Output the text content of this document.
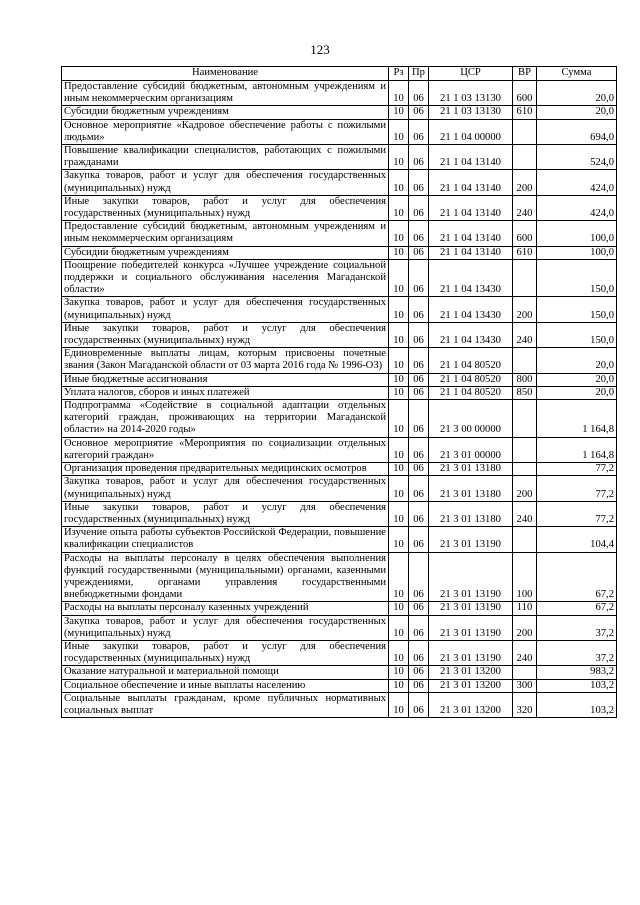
123
Наименование	Рз	Пр	ЦСР	ВР	Сумма
Предоставление субсидий бюджетным, автономным учреждениям и иным некоммерческим организациям	10	06	21 1 03 13130	600	20,0
Субсидии бюджетным учреждениям	10	06	21 1 03 13130	610	20,0
Основное мероприятие «Кадровое обеспечение работы с пожилыми людьми»	10	06	21 1 04 00000		694,0
Повышение квалификации специалистов, работающих с пожилыми гражданами	10	06	21 1 04 13140		524,0
Закупка товаров, работ и услуг для обеспечения государственных (муниципальных) нужд	10	06	21 1 04 13140	200	424,0
Иные закупки товаров, работ и услуг для обеспечения государственных (муниципальных) нужд	10	06	21 1 04 13140	240	424,0
Предоставление субсидий бюджетным, автономным учреждениям и иным некоммерческим организациям	10	06	21 1 04 13140	600	100,0
Субсидии бюджетным учреждениям	10	06	21 1 04 13140	610	100,0
Поощрение победителей конкурса «Лучшее учреждение социальной поддержки и социального обслуживания населения Магаданской области»	10	06	21 1 04 13430		150,0
Закупка товаров, работ и услуг для обеспечения государственных (муниципальных) нужд	10	06	21 1 04 13430	200	150,0
Иные закупки товаров, работ и услуг для обеспечения государственных (муниципальных) нужд	10	06	21 1 04 13430	240	150,0
Единовременные выплаты лицам, которым присвоены почетные звания (Закон Магаданской области от 03 марта 2016 года № 1996-ОЗ)	10	06	21 1 04 80520		20,0
Иные бюджетные ассигнования	10	06	21 1 04 80520	800	20,0
Уплата налогов, сборов и иных платежей	10	06	21 1 04 80520	850	20,0
Подпрограмма «Содействие в социальной адаптации отдельных категорий граждан, проживающих на территории Магаданской области» на 2014-2020 годы»	10	06	21 3 00 00000		1 164,8
Основное мероприятие «Мероприятия по социализации отдельных категорий граждан»	10	06	21 3 01 00000		1 164,8
Организация проведения предварительных медицинских осмотров	10	06	21 3 01 13180		77,2
Закупка товаров, работ и услуг для обеспечения государственных (муниципальных) нужд	10	06	21 3 01 13180	200	77,2
Иные закупки товаров, работ и услуг для обеспечения государственных (муниципальных) нужд	10	06	21 3 01 13180	240	77,2
Изучение опыта работы субъектов Российской Федерации, повышение квалификации специалистов	10	06	21 3 01 13190		104,4
Расходы на выплаты персоналу в целях обеспечения выполнения функций государственными (муниципальными) органами, казенными учреждениями, органами управления государственными внебюджетными фондами	10	06	21 3 01 13190	100	67,2
Расходы на выплаты персоналу казенных учреждений	10	06	21 3 01 13190	110	67,2
Закупка товаров, работ и услуг для обеспечения государственных (муниципальных) нужд	10	06	21 3 01 13190	200	37,2
Иные закупки товаров, работ и услуг для обеспечения государственных (муниципальных) нужд	10	06	21 3 01 13190	240	37,2
Оказание натуральной и материальной помощи	10	06	21 3 01 13200		983,2
Социальное обеспечение и иные выплаты населению	10	06	21 3 01 13200	300	103,2
Социальные выплаты гражданам, кроме публичных нормативных социальных выплат	10	06	21 3 01 13200	320	103,2
